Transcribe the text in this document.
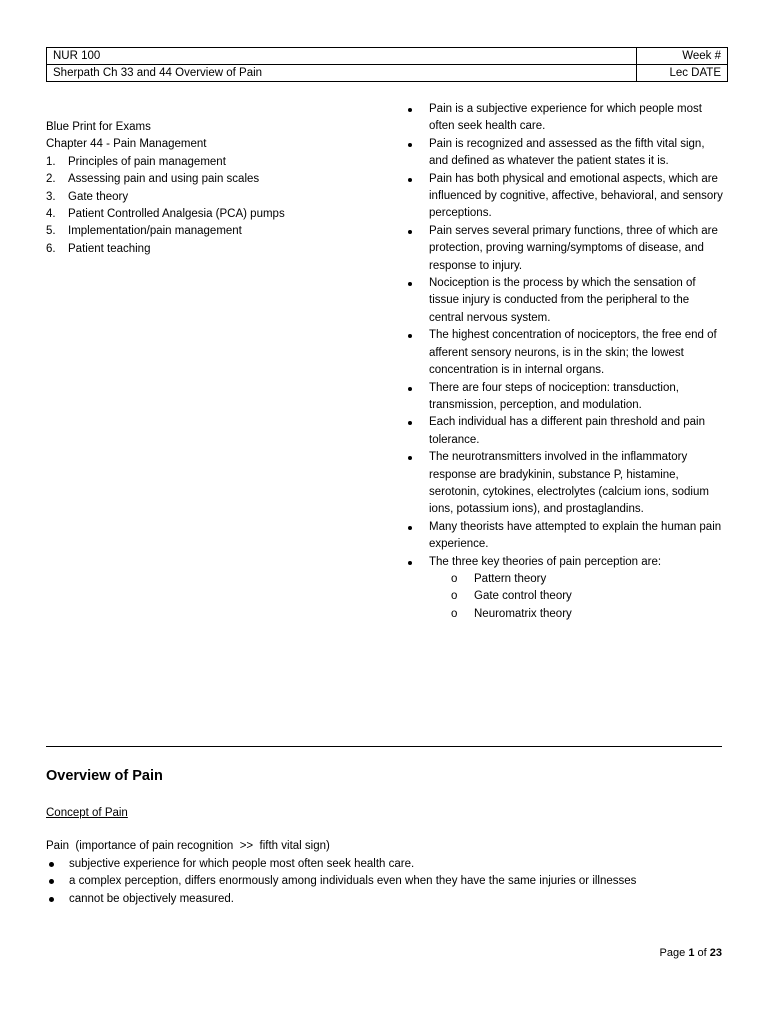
NUR 100	Week #
Sherpath Ch 33 and 44 Overview of Pain	Lec DATE

Blue Print for Exams

Chapter 44 - Pain Management

1.	Principles of pain management
2.	Assessing pain and using pain scales
3.	Gate theory
4.	Patient Controlled Analgesia (PCA) pumps
5.	Implementation/pain management
6.	Patient teaching
Pain is a subjective experience for which people most often seek health care.
Pain is recognized and assessed as the fifth vital sign, and defined as whatever the patient states it is.
Pain has both physical and emotional aspects, which are influenced by cognitive, affective, behavioral, and sensory perceptions.
Pain serves several primary functions, three of which are protection, proving warning/symptoms of disease, and response to injury.
Nociception is the process by which the sensation of tissue injury is conducted from the peripheral to the central nervous system.
The highest concentration of nociceptors, the free end of afferent sensory neurons, is in the skin; the lowest concentration is in internal organs.
There are four steps of nociception: transduction, transmission, perception, and modulation.
Each individual has a different pain threshold and pain tolerance.
The neurotransmitters involved in the inflammatory response are bradykinin, substance P, histamine, serotonin, cytokines, electrolytes (calcium ions, sodium ions, potassium ions), and prostaglandins.
Many theorists have attempted to explain the human pain experience.
The three key theories of pain perception are:
o Pattern theory
o Gate control theory
o Neuromatrix theory
Overview of Pain
Concept of Pain
Pain (importance of pain recognition  >>  fifth vital sign)
subjective experience for which people most often seek health care.
a complex perception, differs enormously among individuals even when they have the same injuries or illnesses
cannot be objectively measured.
Page 1 of 23
